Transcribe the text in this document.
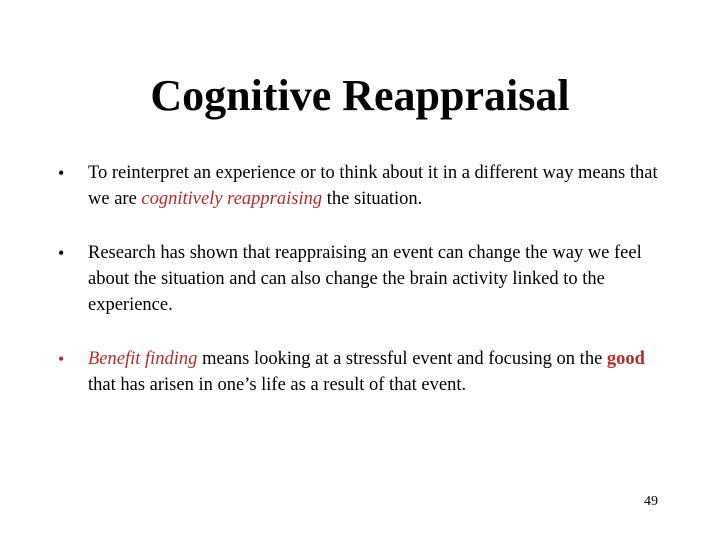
Cognitive Reappraisal
• To reinterpret an experience or to think about it in a different way means that we are cognitively reappraising the situation.
• Research has shown that reappraising an event can change the way we feel about the situation and can also change the brain activity linked to the experience.
• Benefit finding means looking at a stressful event and focusing on the good that has arisen in one’s life as a result of that event.
49
